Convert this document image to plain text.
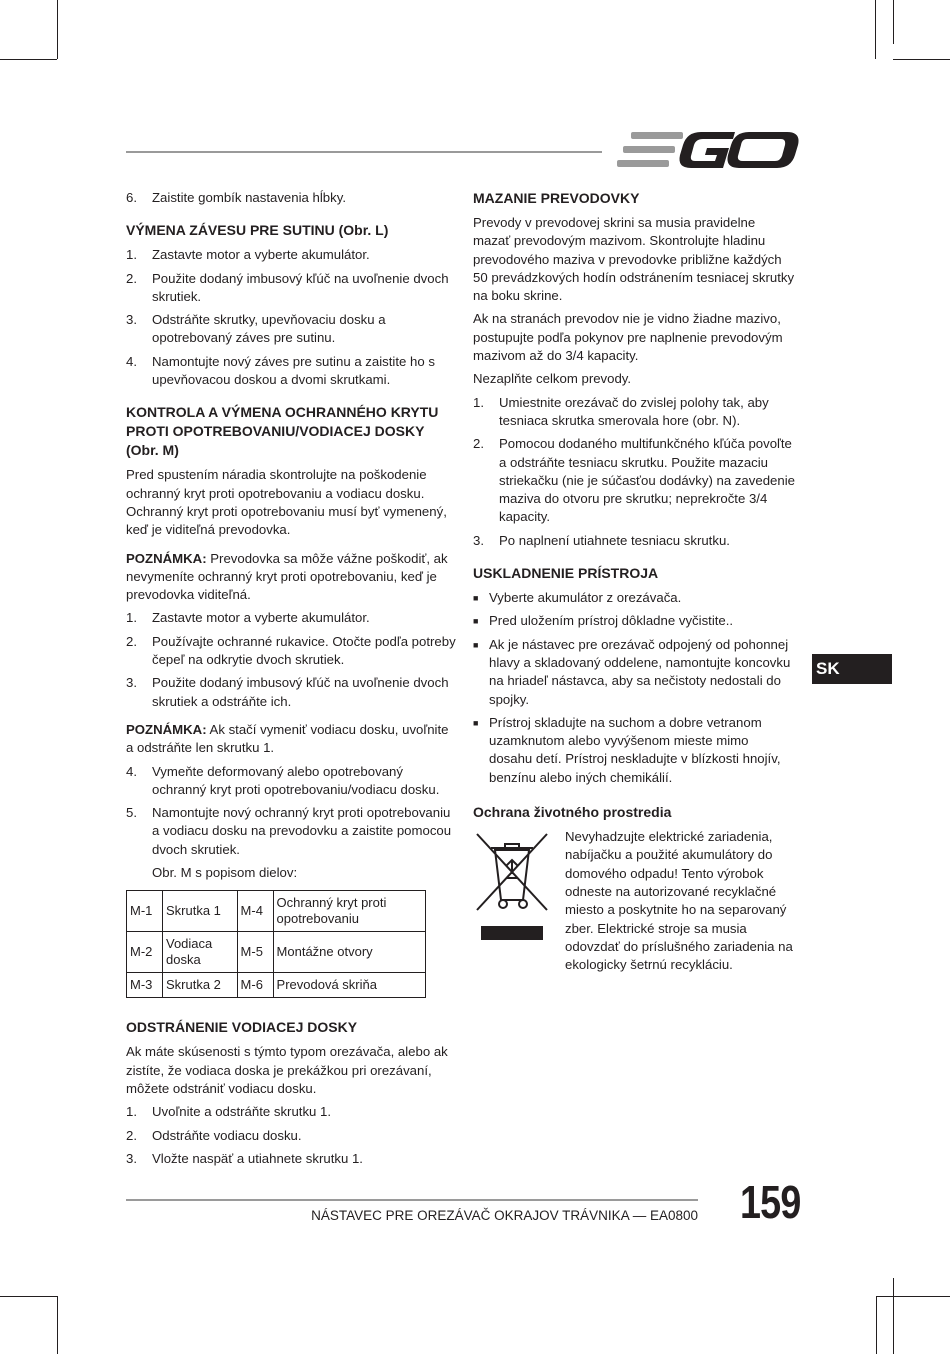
SK
6.	Zaistite gombík nastavenia hĺbky.
VÝMENA ZÁVESU PRE SUTINU (Obr. L)
1.	Zastavte motor a vyberte akumulátor.
2.	Použite dodaný imbusový kľúč na uvoľnenie dvoch skrutiek.
3.	Odstráňte skrutky, upevňovaciu dosku a opotrebovaný záves pre sutinu.
4.	Namontujte nový záves pre sutinu a zaistite ho s upevňovacou doskou a dvomi skrutkami.
KONTROLA A VÝMENA OCHRANNÉHO KRYTU PROTI OPOTREBOVANIU/VODIACEJ DOSKY (Obr. M)
Pred spustením náradia skontrolujte na poškodenie ochranný kryt proti opotrebovaniu a vodiacu dosku. Ochranný kryt proti opotrebovaniu musí byť vymenený, keď je viditeľná prevodovka.
POZNÁMKA: Prevodovka sa môže vážne poškodiť, ak nevymeníte ochranný kryt proti opotrebovaniu, keď je prevodovka viditeľná.
1.	Zastavte motor a vyberte akumulátor.
2.	Používajte ochranné rukavice. Otočte podľa potreby čepeľ na odkrytie dvoch skrutiek.
3.	Použite dodaný imbusový kľúč na uvoľnenie dvoch skrutiek a odstráňte ich.
POZNÁMKA: Ak stačí vymeniť vodiacu dosku, uvoľnite a odstráňte len skrutku 1.
4.	Vymeňte deformovaný alebo opotrebovaný ochranný kryt proti opotrebovaniu/vodiacu dosku.
5.	Namontujte nový ochranný kryt proti opotrebovaniu a vodiacu dosku na prevodovku a zaistite pomocou dvoch skrutiek.
Obr. M s popisom dielov:
M-1	Skrutka 1	M-4	Ochranný kryt proti opotrebovaniu
M-2	Vodiaca doska	M-5	Montážne otvory
M-3	Skrutka 2	M-6	Prevodová skriňa
ODSTRÁNENIE VODIACEJ DOSKY
Ak máte skúsenosti s týmto typom orezávača, alebo ak zistíte, že vodiaca doska je prekážkou pri orezávaní, môžete odstrániť vodiacu dosku.
1.	Uvoľnite a odstráňte skrutku 1.
2.	Odstráňte vodiacu dosku.
3.	Vložte naspäť a utiahnete skrutku 1.
MAZANIE PREVODOVKY
Prevody v prevodovej skrini sa musia pravidelne mazať prevodovým mazivom. Skontrolujte hladinu prevodového maziva v prevodovke približne každých 50 prevádzkových hodín odstránením tesniacej skrutky na boku skrine.
Ak na stranách prevodov nie je vidno žiadne mazivo, postupujte podľa pokynov pre naplnenie prevodovým mazivom až do 3/4 kapacity.
Nezaplňte celkom prevody.
1.	Umiestnite orezávač do zvislej polohy tak, aby tesniaca skrutka smerovala hore (obr. N).
2.	Pomocou dodaného multifunkčného kľúča povoľte a odstráňte tesniacu skrutku. Použite mazaciu striekačku (nie je súčasťou dodávky) na zavedenie maziva do otvoru pre skrutku; neprekročte 3/4 kapacity.
3.	Po naplnení utiahnete tesniacu skrutku.
USKLADNENIE PRÍSTROJA
■ Vyberte akumulátor z orezávača.
■ Pred uložením prístroj dôkladne vyčistite..
■ Ak je nástavec pre orezávač odpojený od pohonnej hlavy a skladovaný oddelene, namontujte koncovku na hriadeľ nástavca, aby sa nečistoty nedostali do spojky.
■ Prístroj skladujte na suchom a dobre vetranom uzamknutom alebo vyvýšenom mieste mimo dosahu detí. Prístroj neskladujte v blízkosti hnojív, benzínu alebo iných chemikálií.
Ochrana životného prostredia
Nevyhadzujte elektrické zariadenia, nabíjačku a použité akumulátory do domového odpadu! Tento výrobok odneste na autorizované recyklačné miesto a poskytnite ho na separovaný zber. Elektrické stroje sa musia odovzdať do príslušného zariadenia na ekologicky šetrnú recykláciu.
NÁSTAVEC PRE OREZÁVAČ OKRAJOV TRÁVNIKA — EA0800 159
